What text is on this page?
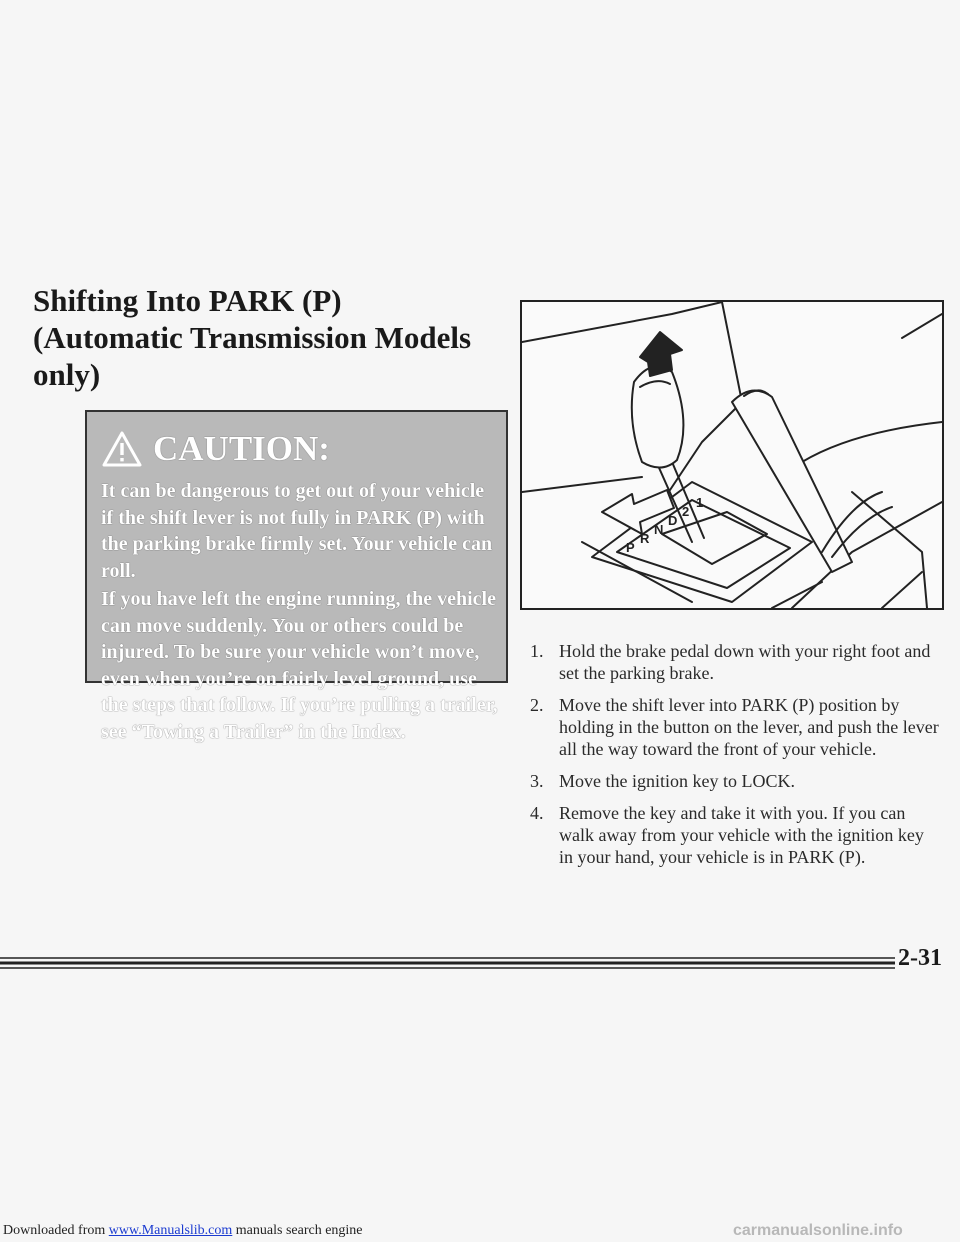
Shifting Into PARK (P)
(Automatic Transmission Models only)
CAUTION:

It can be dangerous to get out of your vehicle if the shift lever is not fully in PARK (P) with the parking brake firmly set. Your vehicle can roll.

If you have left the engine running, the vehicle can move suddenly. You or others could be injured. To be sure your vehicle won’t move, even when you’re on fairly level ground, use the steps that follow. If you’re pulling a trailer, see “Towing a Trailer” in the Index.

P
R
N
D
2
1
1. Hold the brake pedal down with your right foot and set the parking brake.
2. Move the shift lever into PARK (P) position by holding in the button on the lever, and push the lever all the way toward the front of your vehicle.
3. Move the ignition key to LOCK.
4. Remove the key and take it with you. If you can walk away from your vehicle with the ignition key in your hand, your vehicle is in PARK (P).
2-31
Downloaded from www.Manualslib.com manuals search engine	carmanualsonline.info
